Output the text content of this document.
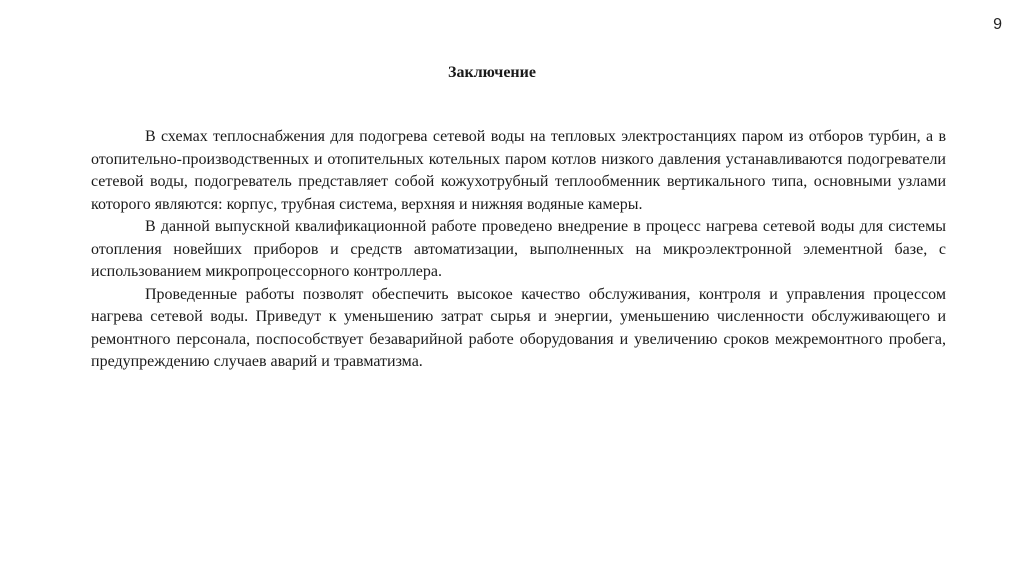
9
Заключение

В схемах теплоснабжения для подогрева сетевой воды на тепловых электростанциях паром из отборов турбин, а в отопительно-производственных и отопительных котельных паром котлов низкого давления устанавливаются подогреватели сетевой воды, подогреватель представляет собой кожухотрубный теплообменник вертикального типа, основными узлами которого являются: корпус, трубная система, верхняя и нижняя водяные камеры.

В данной выпускной квалификационной работе проведено внедрение в процесс нагрева сетевой воды для системы отопления новейших приборов и средств автоматизации, выполненных на микроэлектронной элементной базе, с использованием микропроцессорного контроллера.

Проведенные работы позволят обеспечить высокое качество обслуживания, контроля и управления процессом нагрева сетевой воды. Приведут к уменьшению затрат сырья и энергии, уменьшению численности обслуживающего и ремонтного персонала, поспособствует безаварийной работе оборудования и увеличению сроков межремонтного пробега, предупреждению случаев аварий и травматизма.
